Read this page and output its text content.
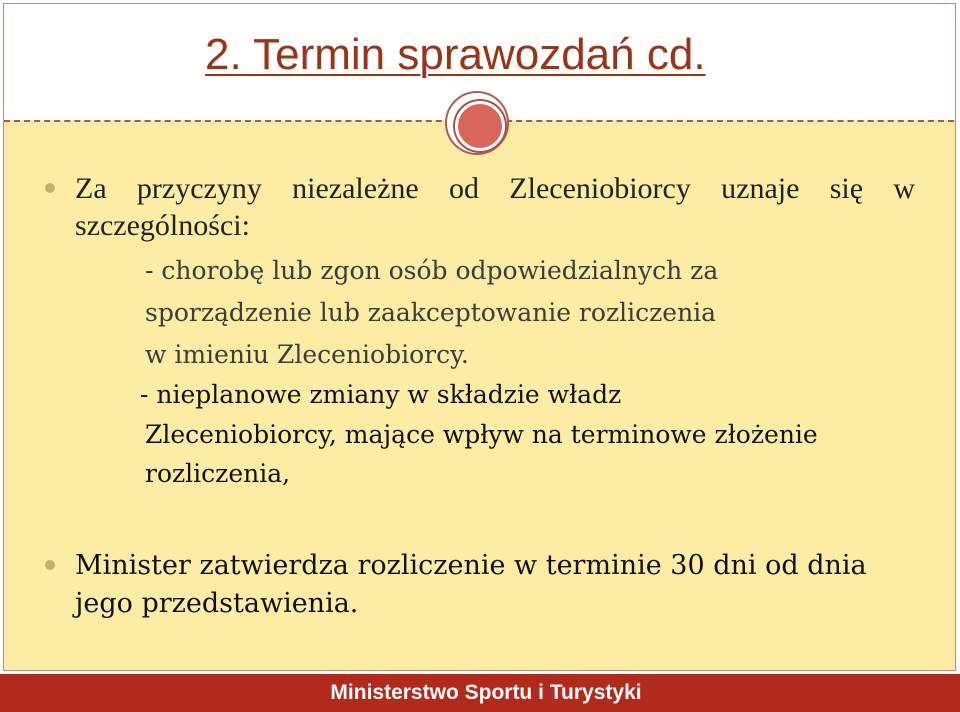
2. Termin sprawozdań cd.

Za przyczyny niezależne od Zleceniobiorcy uznaje się w szczególności:

- chorobę lub zgon osób odpowiedzialnych za

sporządzenie lub zaakceptowanie rozliczenia

w imieniu Zleceniobiorcy.

- nieplanowe zmiany w składzie władz

Zleceniobiorcy, mające wpływ na terminowe złożenie

rozliczenia,

Minister zatwierdza rozliczenie w terminie 30 dni od dnia jego przedstawienia.

Ministerstwo Sportu i Turystyki
